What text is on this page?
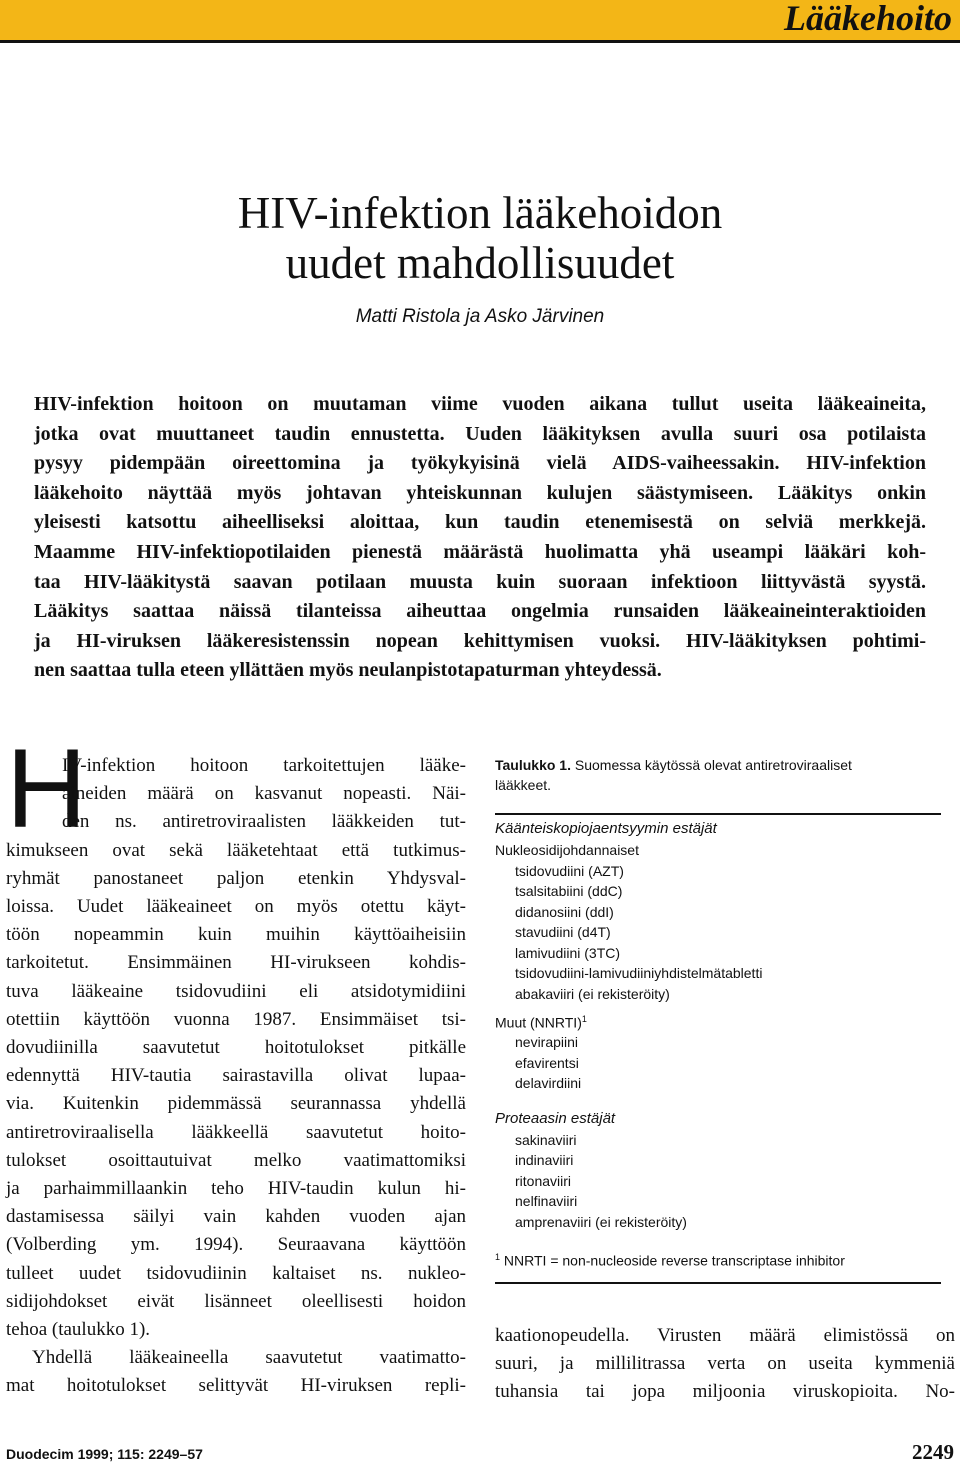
Lääkehoito
HIV-infektion lääkehoidon
uudet mahdollisuudet

Matti Ristola ja Asko Järvinen

HIV-infektion hoitoon on muutaman viime vuoden aikana tullut useita lääkeaineita,
jotka ovat muuttaneet taudin ennustetta. Uuden lääkityksen avulla suuri osa potilaista
pysyy pidempään oireettomina ja työkykyisinä vielä AIDS-vaiheessakin. HIV-infektion
lääkehoito näyttää myös johtavan yhteiskunnan kulujen säästymiseen. Lääkitys onkin
yleisesti katsottu aiheelliseksi aloittaa, kun taudin etenemisestä on selviä merkkejä.
Maamme HIV-infektiopotilaiden pienestä määrästä huolimatta yhä useampi lääkäri koh-
taa HIV-lääkitystä saavan potilaan muusta kuin suoraan infektioon liittyvästä syystä.
Lääkitys saattaa näissä tilanteissa aiheuttaa ongelmia runsaiden lääkeaineinteraktioiden
ja HI-viruksen lääkeresistenssin nopean kehittymisen vuoksi. HIV-lääkityksen pohtimi-
nen saattaa tulla eteen yllättäen myös neulanpistotapaturman yhteydessä.

H
IV-infektion hoitoon tarkoitettujen lääke-
aineiden määrä on kasvanut nopeasti. Näi-
den ns. antiretroviraalisten lääkkeiden tut-
kimukseen ovat sekä lääketehtaat että tutkimus-
ryhmät panostaneet paljon etenkin Yhdysval-
loissa. Uudet lääkeaineet on myös otettu käyt-
töön nopeammin kuin muihin käyttöaiheisiin
tarkoitetut. Ensimmäinen HI-virukseen kohdis-
tuva lääkeaine tsidovudiini eli atsidotymidiini
otettiin käyttöön vuonna 1987. Ensimmäiset tsi-
dovudiinilla saavutetut hoitotulokset pitkälle
edennyttä HIV-tautia sairastavilla olivat lupaa-
via. Kuitenkin pidemmässä seurannassa yhdellä
antiretroviraalisella lääkkeellä saavutetut hoito-
tulokset osoittautuivat melko vaatimattomiksi
ja parhaimmillaankin teho HIV-taudin kulun hi-
dastamisessa säilyi vain kahden vuoden ajan
(Volberding ym. 1994). Seuraavana käyttöön
tulleet uudet tsidovudiinin kaltaiset ns. nukleo-
sidijohdokset eivät lisänneet oleellisesti hoidon
tehoa (taulukko 1).
Yhdellä lääkeaineella saavutetut vaatimatto-
mat hoitotulokset selittyvät HI-viruksen repli-

Taulukko 1. Suomessa käytössä olevat antiretroviraaliset
lääkkeet.

Käänteiskopiojaentsyymin estäjät
Nukleosidijohdannaiset
tsidovudiini (AZT)
tsalsitabiini (ddC)
didanosiini (ddI)
stavudiini (d4T)
lamivudiini (3TC)
tsidovudiini-lamivudiiniyhdistelmätabletti
abakaviiri (ei rekisteröity)
Muut (NNRTI)$^1$
nevirapiini
efavirentsi
delavirdiini
Proteaasin estäjät
sakinaviiri
indinaviiri
ritonaviiri
nelfinaviiri
amprenaviiri (ei rekisteröity)
$^1$ NNRTI = non-nucleoside reverse transcriptase inhibitor
kaationopeudella. Virusten määrä elimistössä on
suuri, ja millilitrassa verta on useita kymmeniä
tuhansia tai jopa miljoonia viruskopioita. No-
Duodecim 1999; 115: 2249–57	2249
